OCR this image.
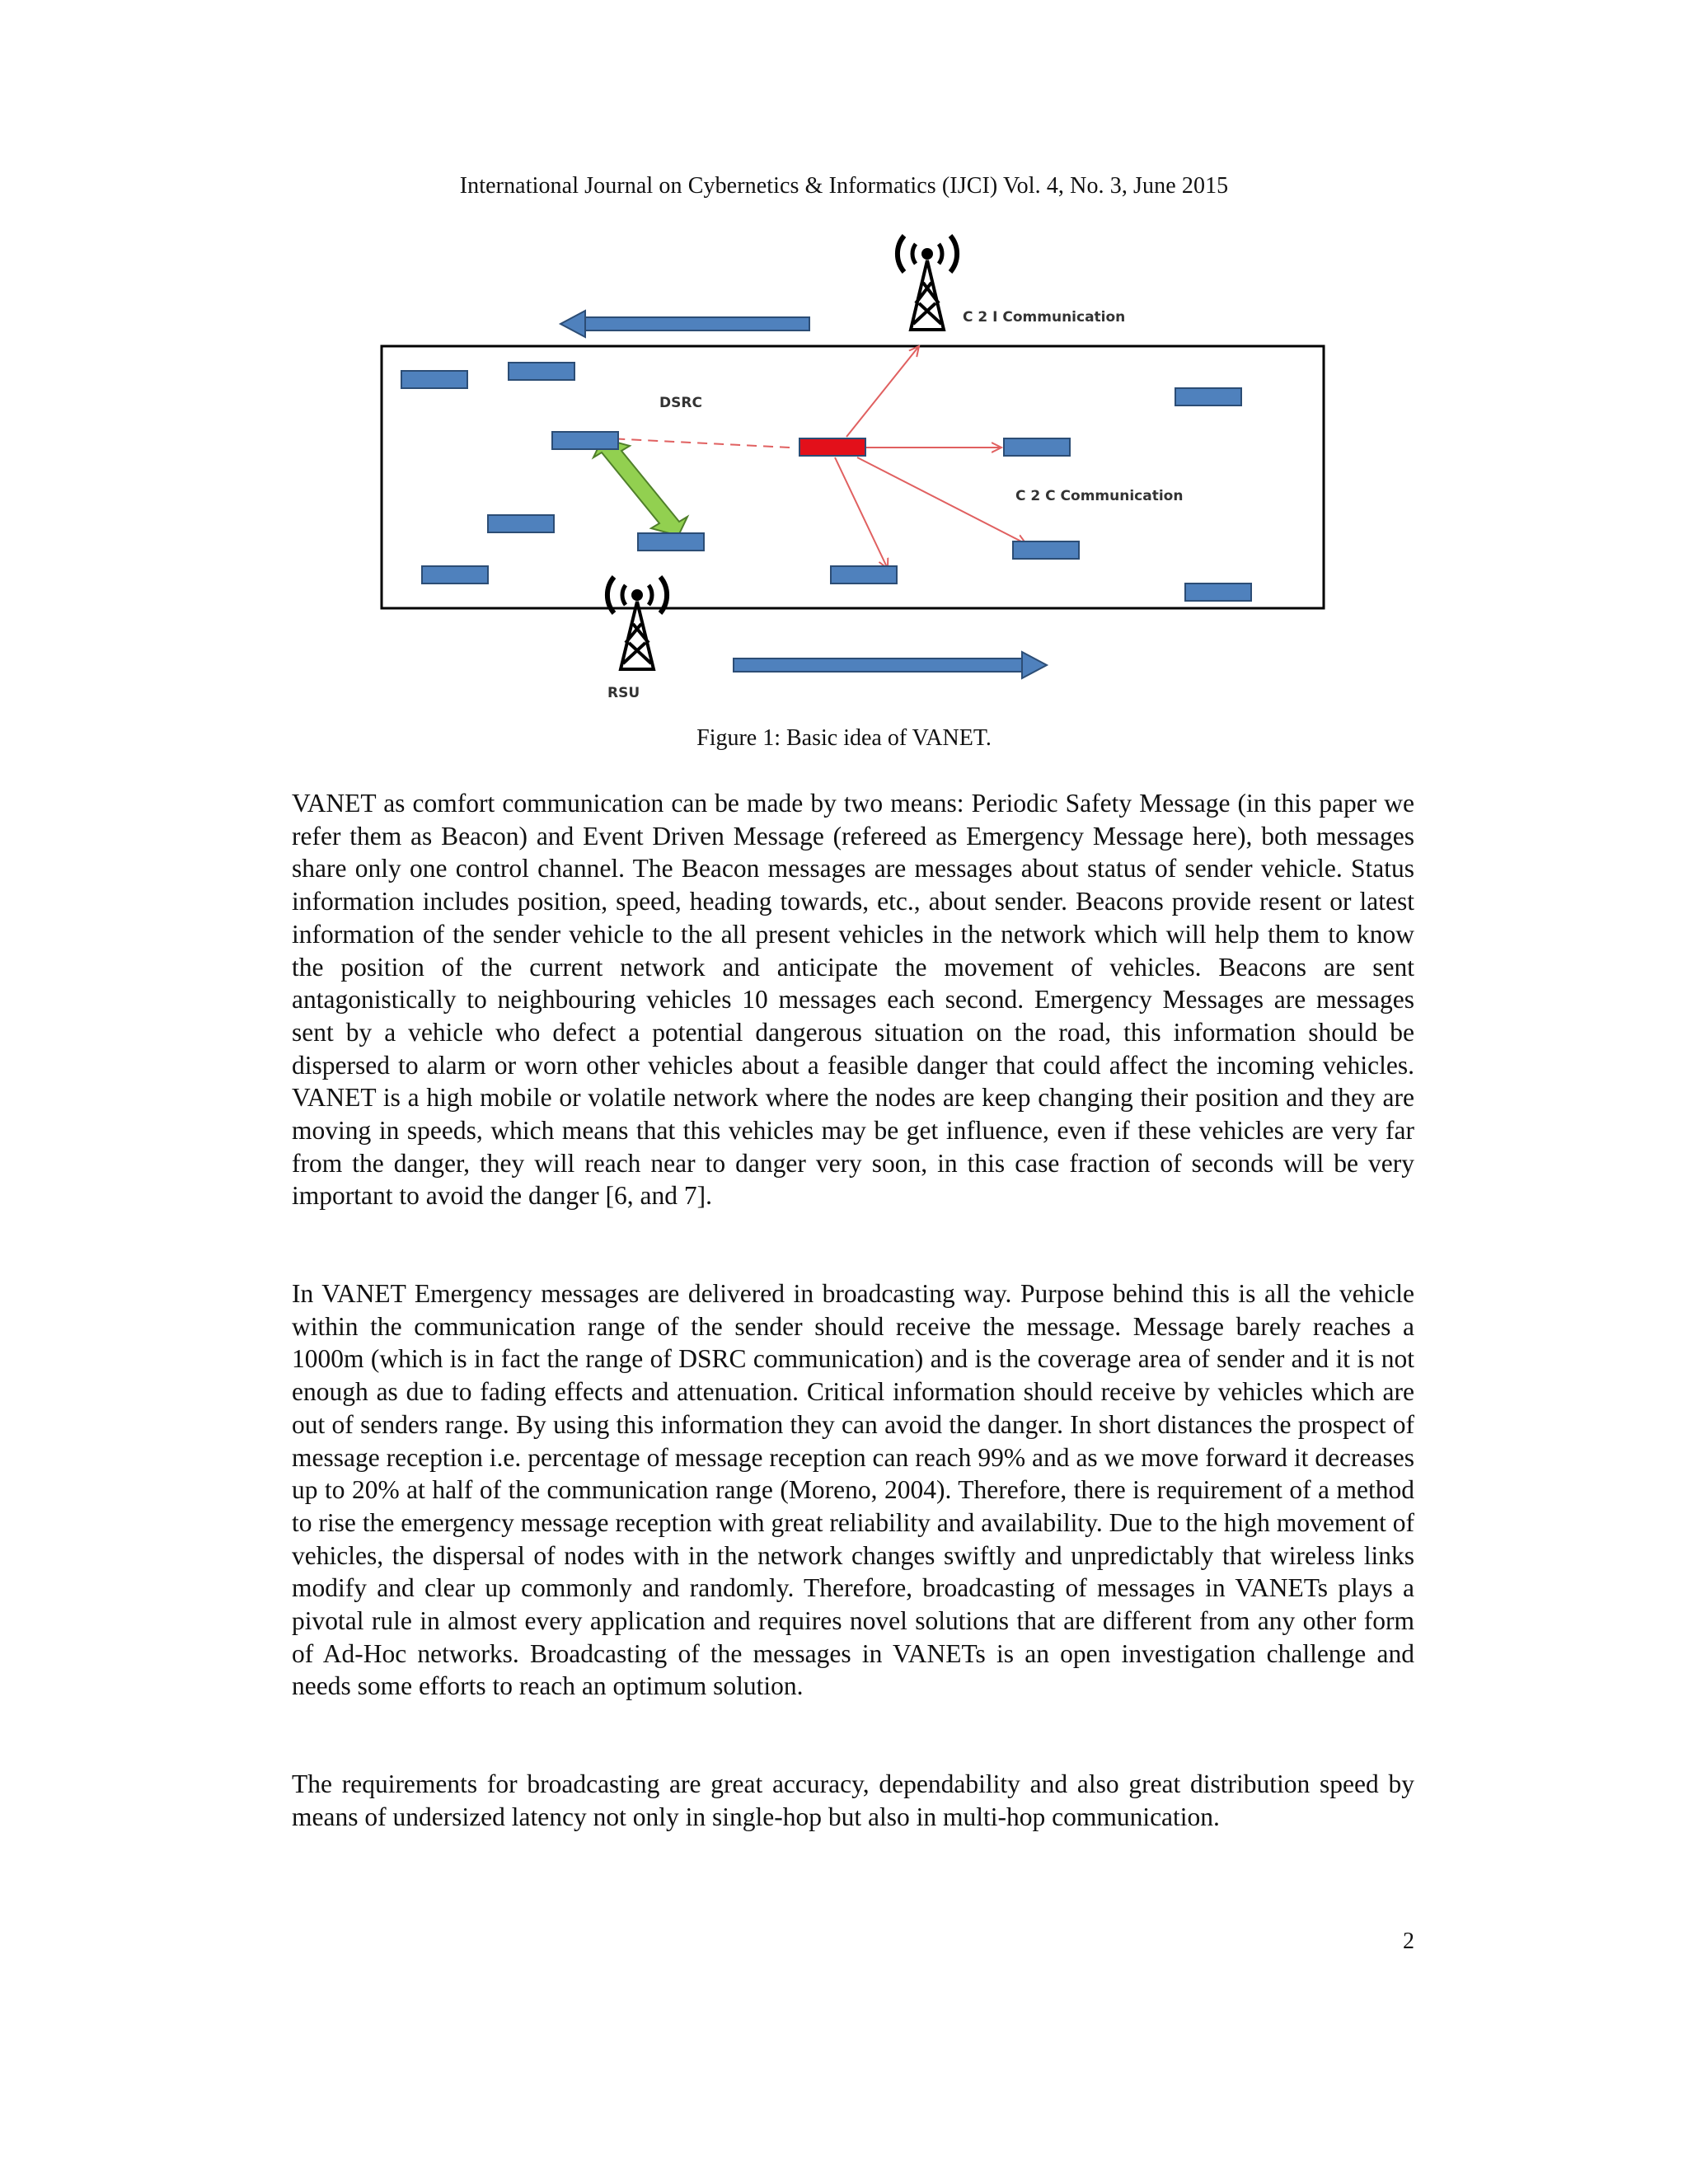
International Journal on Cybernetics & Informatics (IJCI) Vol. 4, No. 3, June 2015
C 2 I Communication
DSRC
C 2 C Communication
RSU
Figure 1: Basic idea of VANET.

VANET as comfort communication can be made by two means: Periodic Safety Message (in this paper we refer them as Beacon) and Event Driven Message (refereed as Emergency Message here), both messages share only one control channel. The Beacon messages are messages about status of sender vehicle. Status information includes position, speed, heading towards, etc., about sender. Beacons provide resent or latest information of the sender vehicle to the all present vehicles in the network which will help them to know the position of the current network and anticipate the movement of vehicles. Beacons are sent antagonistically to neighbouring vehicles 10 messages each second. Emergency Messages are messages sent by a vehicle who defect a potential dangerous situation on the road, this information should be dispersed to alarm or worn other vehicles about a feasible danger that could affect the incoming vehicles. VANET is a high mobile or volatile network where the nodes are keep changing their position and they are moving in speeds, which means that this vehicles may be get influence, even if these vehicles are very far from the danger, they will reach near to danger very soon, in this case fraction of seconds will be very important to avoid the danger [6, and 7].

In VANET Emergency messages are delivered in broadcasting way. Purpose behind this is all the vehicle within the communication range of the sender should receive the message. Message barely reaches a 1000m (which is in fact the range of DSRC communication) and is the coverage area of sender and it is not enough as due to fading effects and attenuation. Critical information should receive by vehicles which are out of senders range. By using this information they can avoid the danger. In short distances the prospect of message reception i.e. percentage of message reception can reach 99% and as we move forward it decreases up to 20% at half of the communication range (Moreno, 2004). Therefore, there is requirement of a method to rise the emergency message reception with great reliability and availability. Due to the high movement of vehicles, the dispersal of nodes with in the network changes swiftly and unpredictably that wireless links modify and clear up commonly and randomly. Therefore, broadcasting of messages in VANETs plays a pivotal rule in almost every application and requires novel solutions that are different from any other form of Ad-Hoc networks. Broadcasting of the messages in VANETs is an open investigation challenge and needs some efforts to reach an optimum solution.

The requirements for broadcasting are great accuracy, dependability and also great distribution speed by means of undersized latency not only in single-hop but also in multi-hop communication.

2
